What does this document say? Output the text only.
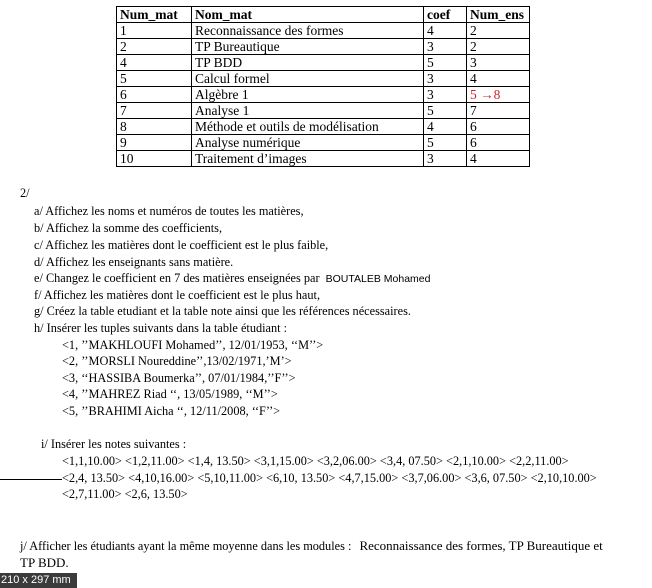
Num_mat	Nom_mat	coef	Num_ens
1	Reconnaissance des formes	4	2
2	TP Bureautique	3	2
4	TP BDD	5	3
5	Calcul formel	3	4
6	Algèbre 1	3	5 →8
7	Analyse 1	5	7
8	Méthode et outils de modélisation	4	6
9	Analyse numérique	5	6
10	Traitement d’images	3	4
2/
a/ Affichez les noms et numéros de toutes les matières,
b/ Affichez la somme des coefficients,
c/ Affichez les matières dont le coefficient est le plus faible,
d/ Affichez les enseignants sans matière.
e/ Changez le coefficient en 7 des matières enseignées par BOUTALEB Mohamed
f/ Affichez les matières dont le coefficient est le plus haut,
g/ Créez la table etudiant et la table note ainsi que les références nécessaires.
h/ Insérer les tuples suivants dans la table étudiant :
<1, ’’MAKHLOUFI Mohamed’’, 12/01/1953, ‘‘M’’>
<2, ’’MORSLI Noureddine’’,13/02/1971,’M’>
<3, ‘‘HASSIBA Boumerka’’, 07/01/1984,’’F’’>
<4, ’’MAHREZ Riad ‘‘, 13/05/1989, ‘‘M’’>
<5, ’’BRAHIMI Aicha ‘‘, 12/11/2008, ‘‘F’’>
i/ Insérer les notes suivantes :
<1,1,10.00> <1,2,11.00> <1,4, 13.50> <3,1,15.00> <3,2,06.00> <3,4, 07.50> <2,1,10.00> <2,2,11.00>
<2,4, 13.50> <4,10,16.00> <5,10,11.00> <6,10, 13.50> <4,7,15.00> <3,7,06.00> <3,6, 07.50> <2,10,10.00>
<2,7,11.00> <2,6, 13.50>
j/ Afficher les étudiants ayant la même moyenne dans les modules : Reconnaissance des formes, TP Bureautique et
TP BDD.
210 x 297 mm
